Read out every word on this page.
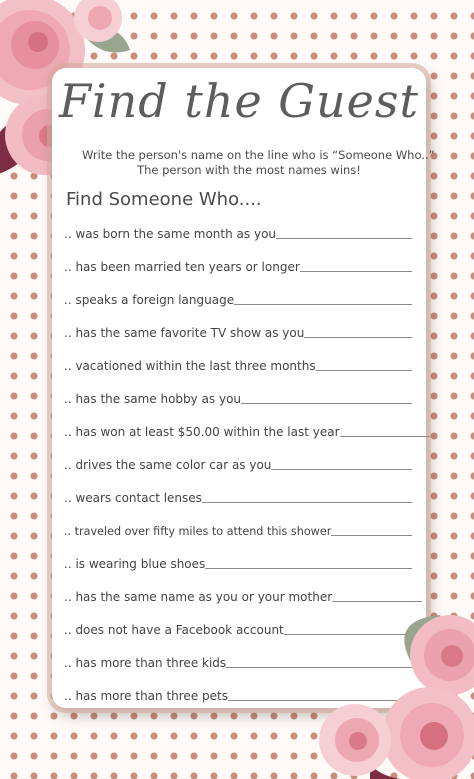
Find the Guest
Write the person's name on the line who is “Someone Who..”
The person with the most names wins!
Find Someone Who....
.. was born the same month as you
.. has been married ten years or longer
.. speaks a foreign language
.. has the same favorite TV show as you
.. vacationed within the last three months
.. has the same hobby as you
.. has won at least $50.00 within the last year
.. drives the same color car as you
.. wears contact lenses
.. traveled over fifty miles to attend this shower
.. is wearing blue shoes
.. has the same name as you or your mother
.. does not have a Facebook account
.. has more than three kids
.. has more than three pets
